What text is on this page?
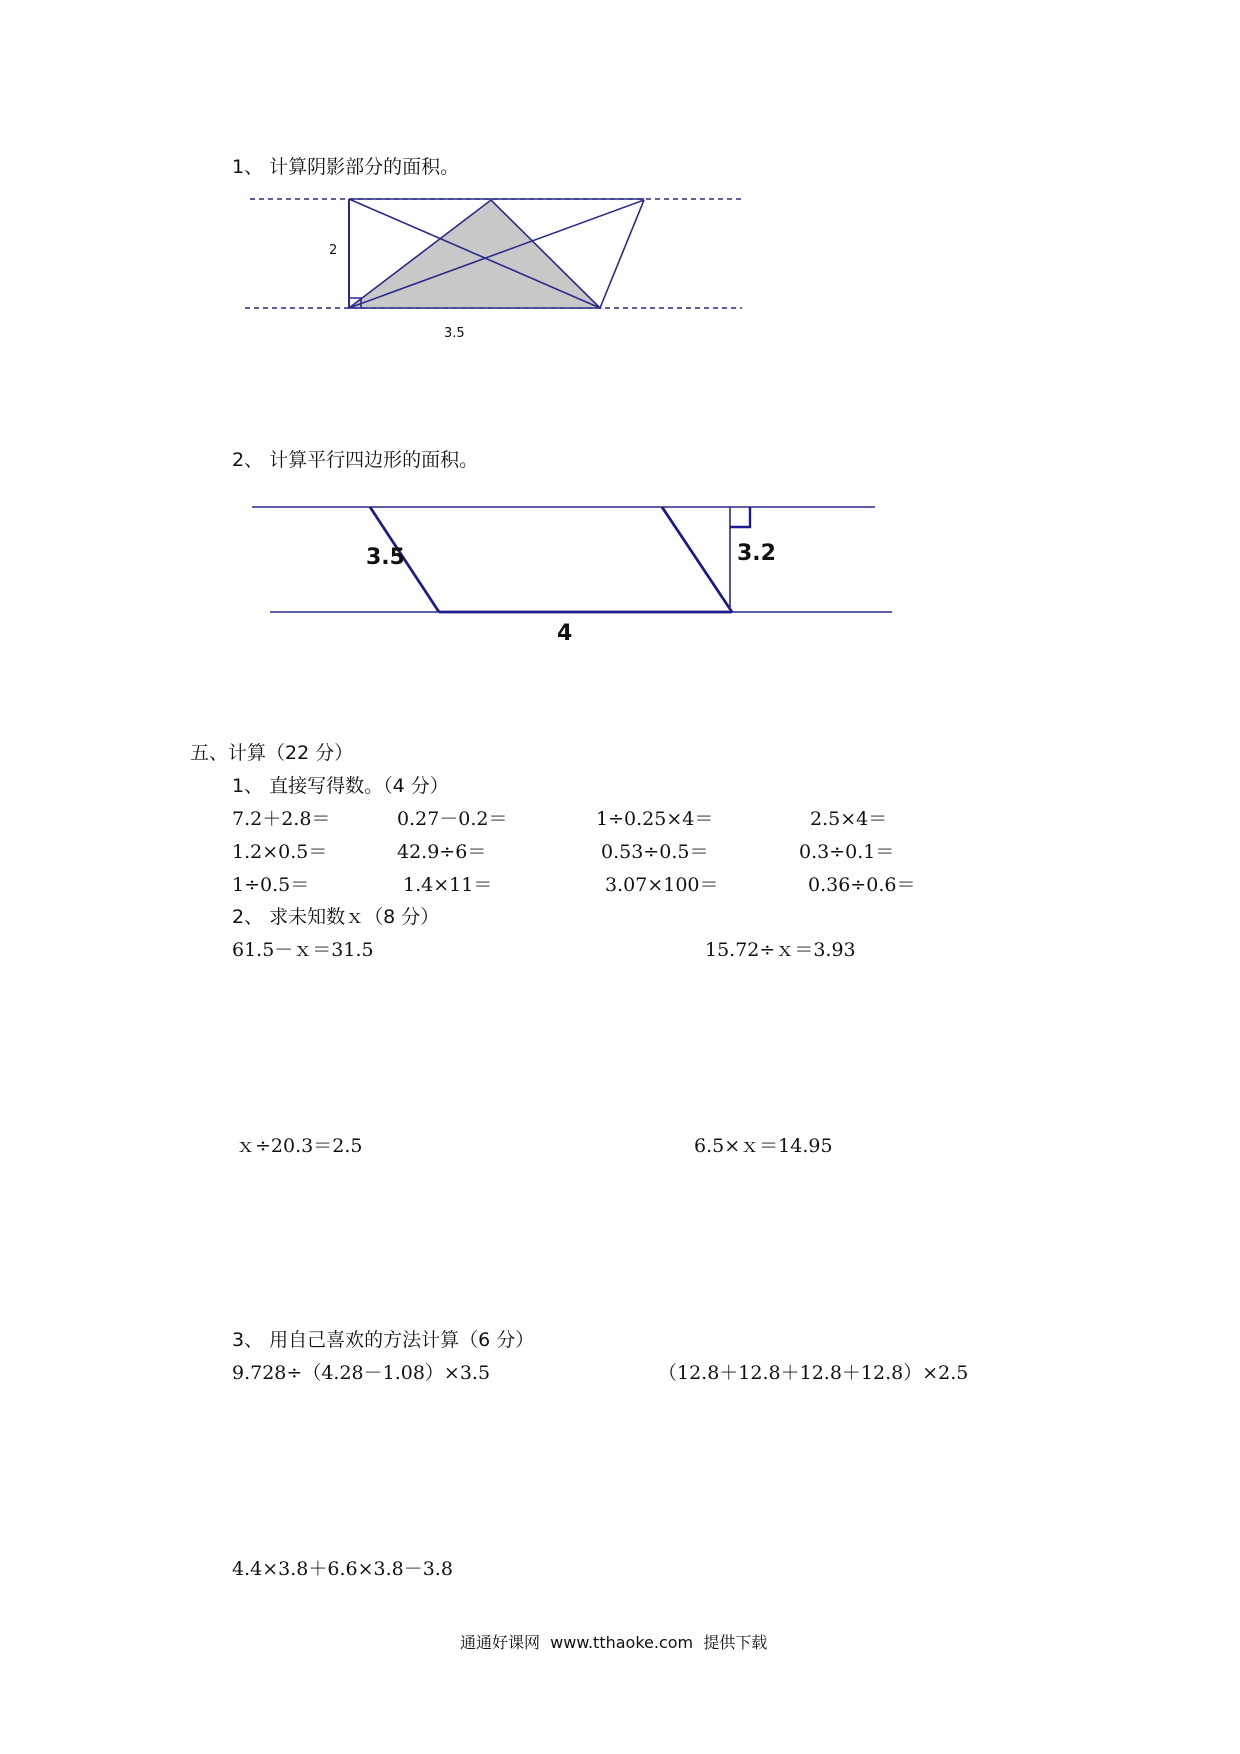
1、 计算阴影部分的面积。
2
3.5
2、 计算平行四边形的面积。
3.5	3.2
4
五、计算（22 分）
1、 直接写得数。（4 分）
7.2＋2.8＝	0.27－0.2＝	1÷0.25×4＝	2.5×4＝
1.2×0.5＝	42.9÷6＝	0.53÷0.5＝	0.3÷0.1＝
1÷0.5＝	1.4×11＝	3.07×100＝	0.36÷0.6＝
2、 求未知数ｘ（8 分）
61.5－ｘ＝31.5	15.72÷ｘ＝3.93
ｘ÷20.3＝2.5	6.5×ｘ＝14.95
3、 用自己喜欢的方法计算（6 分）
9.728÷（4.28－1.08）×3.5	（12.8＋12.8＋12.8＋12.8）×2.5
4.4×3.8＋6.6×3.8－3.8
通通好课网  www.tthaoke.com  提供下载
